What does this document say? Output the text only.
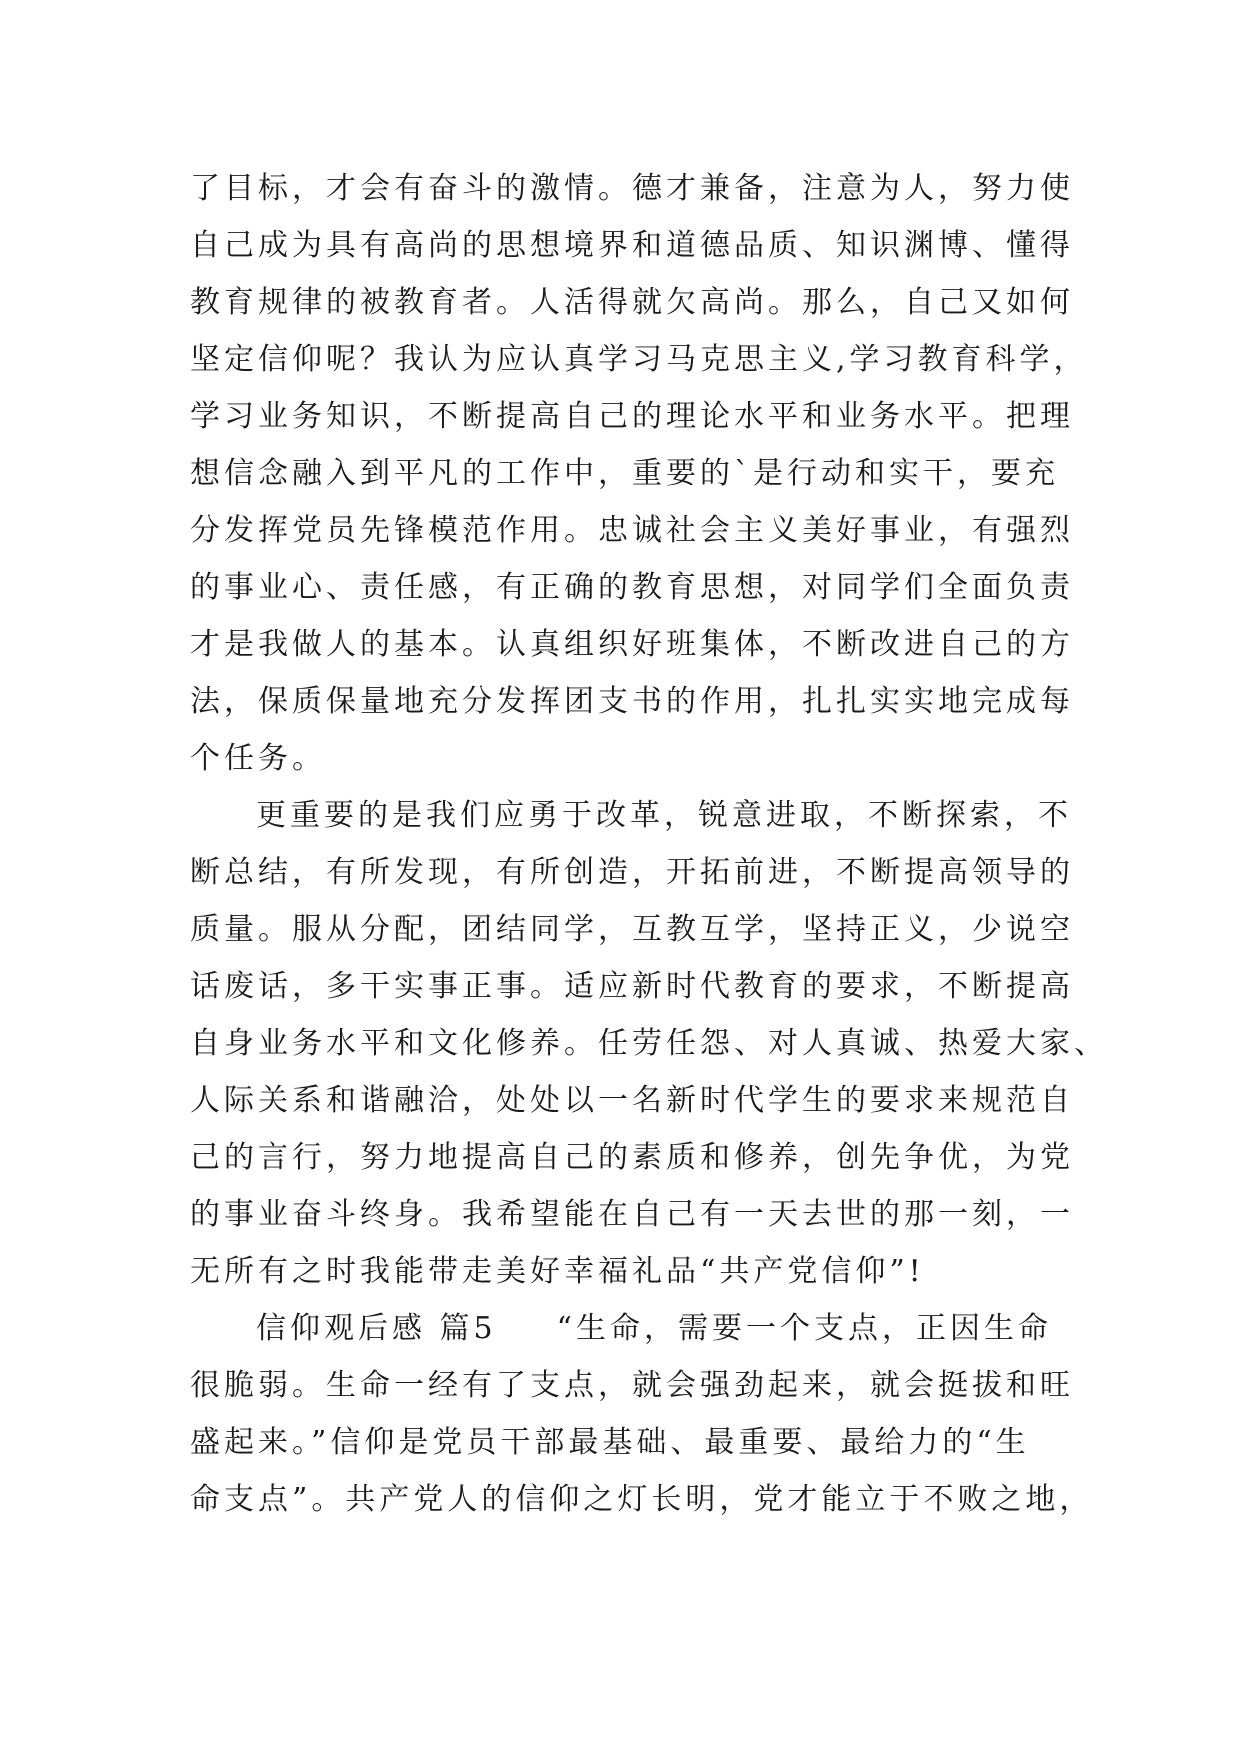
了目标，才会有奋斗的激情。德才兼备，注意为人，努力使
自己成为具有高尚的思想境界和道德品质、知识渊博、懂得
教育规律的被教育者。人活得就欠高尚。那么，自己又如何
坚定信仰呢？我认为应认真学习马克思主义,学习教育科学，
学习业务知识，不断提高自己的理论水平和业务水平。把理
想信念融入到平凡的工作中，重要的`是行动和实干，要充
分发挥党员先锋模范作用。忠诚社会主义美好事业，有强烈
的事业心、责任感，有正确的教育思想，对同学们全面负责
才是我做人的基本。认真组织好班集体，不断改进自己的方
法，保质保量地充分发挥团支书的作用，扎扎实实地完成每
个任务。
更重要的是我们应勇于改革，锐意进取，不断探索，不
断总结，有所发现，有所创造，开拓前进，不断提高领导的
质量。服从分配，团结同学，互教互学，坚持正义，少说空
话废话，多干实事正事。适应新时代教育的要求，不断提高
自身业务水平和文化修养。任劳任怨、对人真诚、热爱大家、
人际关系和谐融洽，处处以一名新时代学生的要求来规范自
己的言行，努力地提高自己的素质和修养，创先争优，为党
的事业奋斗终身。我希望能在自己有一天去世的那一刻，一
无所有之时我能带走美好幸福礼品“共产党信仰”!
信仰观后感 篇5 “生命，需要一个支点，正因生命
很脆弱。生命一经有了支点，就会强劲起来，就会挺拔和旺
盛起来。”信仰是党员干部最基础、最重要、最给力的“生
命支点”。共产党人的信仰之灯长明，党才能立于不败之地，
